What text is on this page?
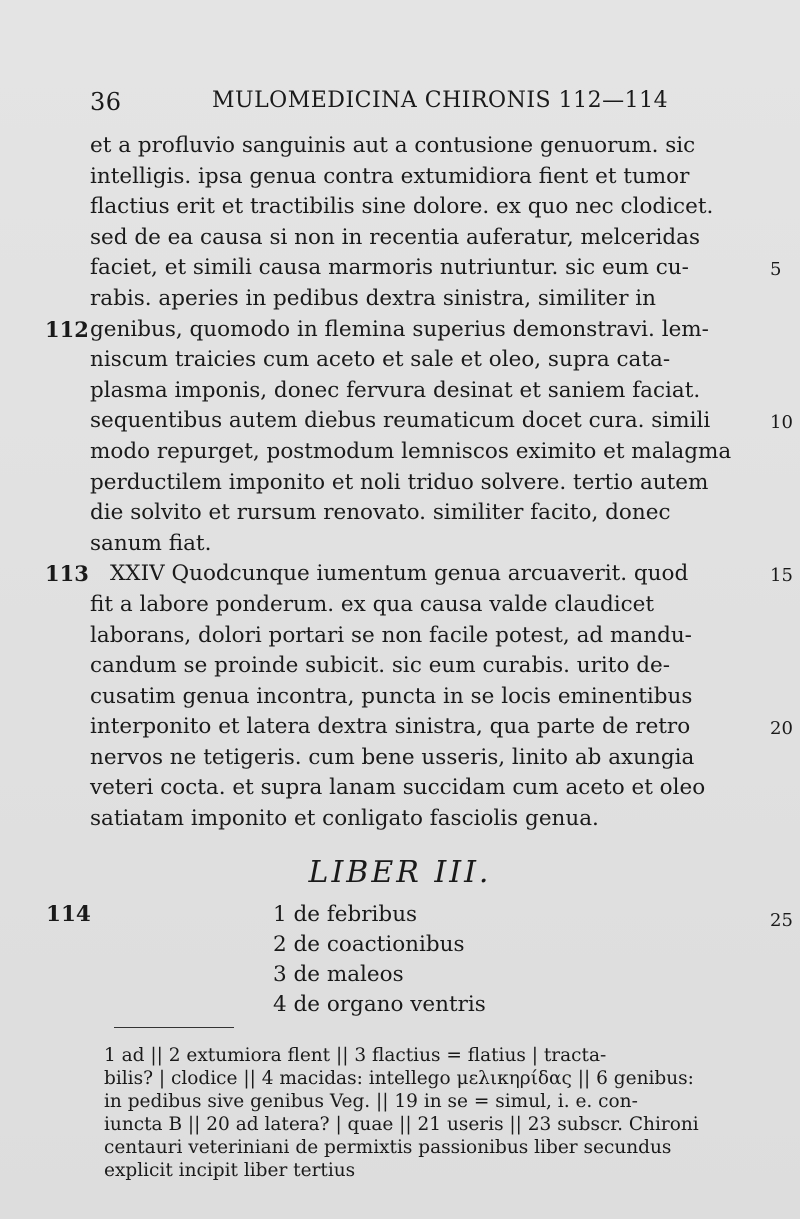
36	MULOMEDICINA CHIRONIS 112—114
et a profluvio sanguinis aut a contusione genuorum. sic
intelligis. ipsa genua contra extumidiora fient et tumor
flactius erit et tractibilis sine dolore. ex quo nec clodicet.
sed de ea causa si non in recentia auferatur, melceridas
faciet, et simili causa marmoris nutriuntur. sic eum cu-	5
rabis. aperies in pedibus dextra sinistra, similiter in
112 genibus, quomodo in flemina superius demonstravi. lem-
niscum traicies cum aceto et sale et oleo, supra cata-
plasma imponis, donec fervura desinat et saniem faciat.
sequentibus autem diebus reumaticum docet cura. simili	10
modo repurget, postmodum lemniscos eximito et malagma
perductilem imponito et noli triduo solvere. tertio autem
die solvito et rursum renovato. similiter facito, donec
sanum fiat.
113 XXIV Quodcunque iumentum genua arcuaverit. quod	15
fit a labore ponderum. ex qua causa valde claudicet
laborans, dolori portari se non facile potest, ad mandu-
candum se proinde subicit. sic eum curabis. urito de-
cusatim genua incontra, puncta in se locis eminentibus
interponito et latera dextra sinistra, qua parte de retro	20
nervos ne tetigeris. cum bene usseris, linito ab axungia
veteri cocta. et supra lanam succidam cum aceto et oleo
satiatam imponito et conligato fasciolis genua.
LIBER III.
114	1 de febribus	25
2 de coactionibus
3 de maleos
4 de organo ventris
1 ad || 2 extumiora flent || 3 flactius = flatius | tracta-
bilis? | clodice || 4 macidas: intellego μελικηρίδας || 6 genibus:
in pedibus sive genibus Veg. || 19 in se = simul, i. e. con-
iuncta B || 20 ad latera? | quae || 21 useris || 23 subscr. Chironi
centauri veteriniani de permixtis passionibus liber secundus
explicit incipit liber tertius
